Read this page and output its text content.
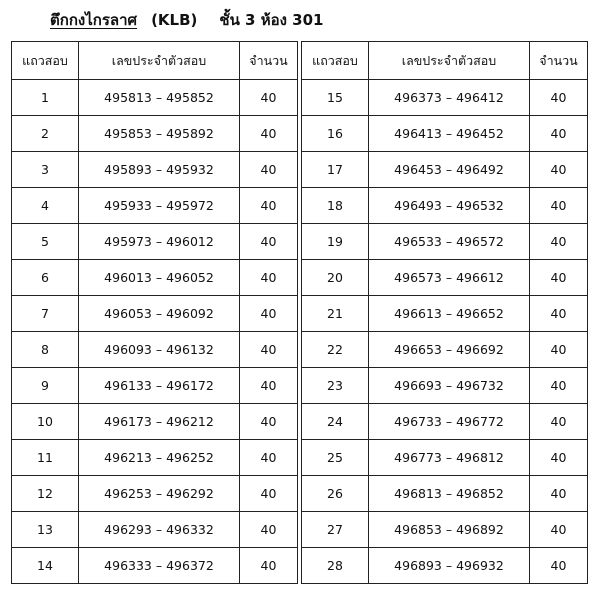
ตึกกงไกรลาศ (KLB) ชั้น 3 ห้อง 301
แถวสอบ	เลขประจำตัวสอบ	จำนวน
1	495813 – 495852	40
2	495853 – 495892	40
3	495893 – 495932	40
4	495933 – 495972	40
5	495973 – 496012	40
6	496013 – 496052	40
7	496053 – 496092	40
8	496093 – 496132	40
9	496133 – 496172	40
10	496173 – 496212	40
11	496213 – 496252	40
12	496253 – 496292	40
13	496293 – 496332	40
14	496333 – 496372	40
แถวสอบ	เลขประจำตัวสอบ	จำนวน
15	496373 – 496412	40
16	496413 – 496452	40
17	496453 – 496492	40
18	496493 – 496532	40
19	496533 – 496572	40
20	496573 – 496612	40
21	496613 – 496652	40
22	496653 – 496692	40
23	496693 – 496732	40
24	496733 – 496772	40
25	496773 – 496812	40
26	496813 – 496852	40
27	496853 – 496892	40
28	496893 – 496932	40
